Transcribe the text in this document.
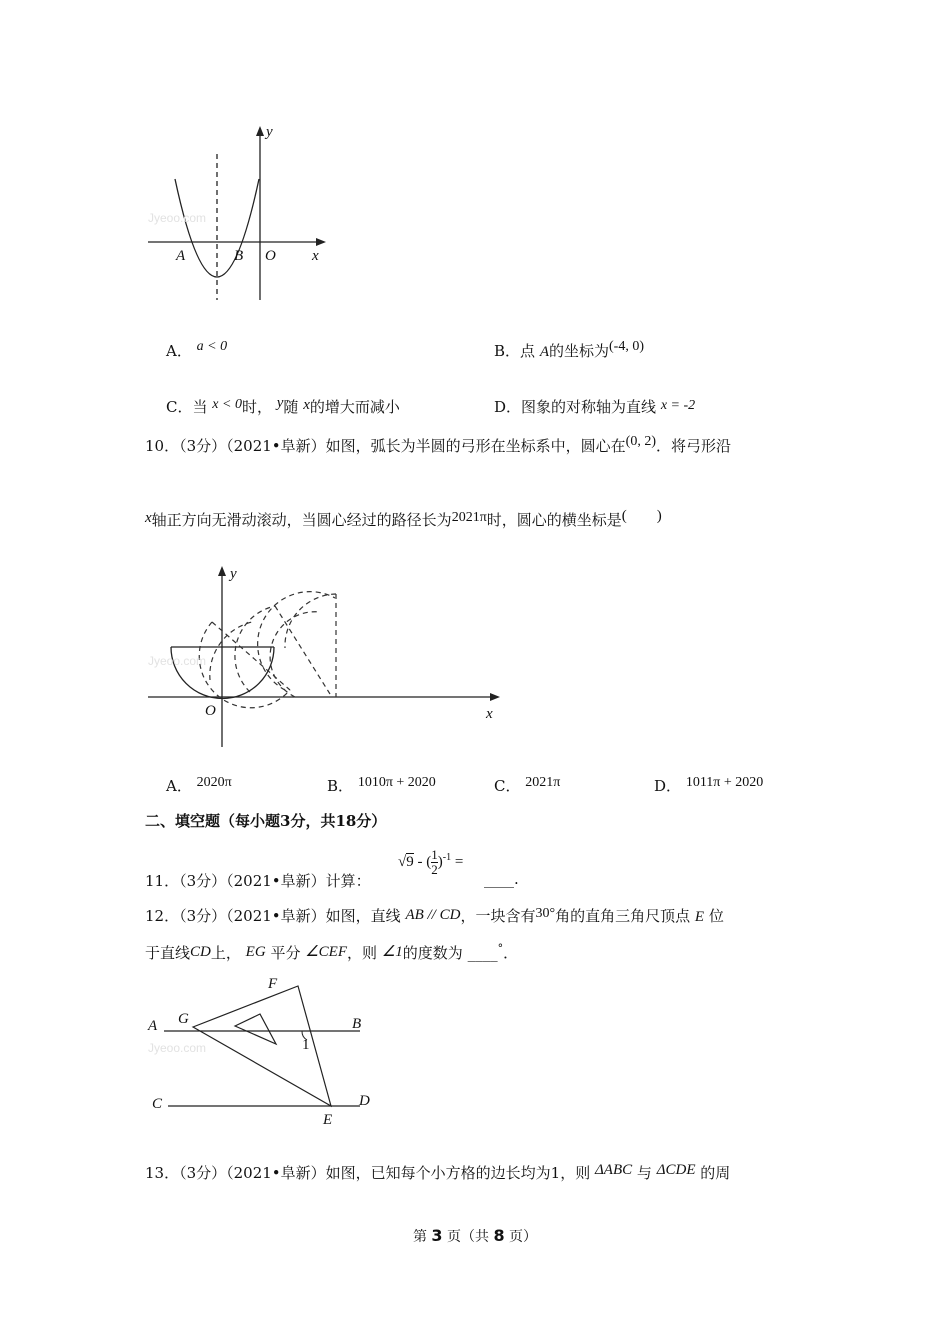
Jyeoo.com
y
x
A	B O
A． a < 0	B．点 A的坐标为(-4, 0)
C．当 x < 0时， y随 x的增大而减小	D．图象的对称轴为直线 x = -2
10．（3分）（2021•阜新）如图，弧长为半圆的弓形在坐标系中，圆心在(0, 2)．将弓形沿
x轴正方向无滑动滚动，当圆心经过的路径长为2021π时，圆心的横坐标是(　　)
Jyeoo.com
y
x
O
A． 2020π	B． 1010π + 2020	C． 2021π	D． 1011π + 2020
二、填空题（每小题3分，共18分）
11．（3分）（2021•阜新）计算：
√9 - ( $\frac{1}{2} )^{-1}$ =
____.
12．（3分）（2021•阜新）如图，直线 AB // CD，一块含有30°角的直角三角尺顶点 E 位
于直线CD上， EG 平分 ∠CEF，则 ∠1的度数为 ____°．
Jyeoo.com
A G
F
B
1
C	D
E
13．（3分）（2021•阜新）如图，已知每个小方格的边长均为1，则 ΔABC 与 ΔCDE 的周
第 3 页（共 8 页）
